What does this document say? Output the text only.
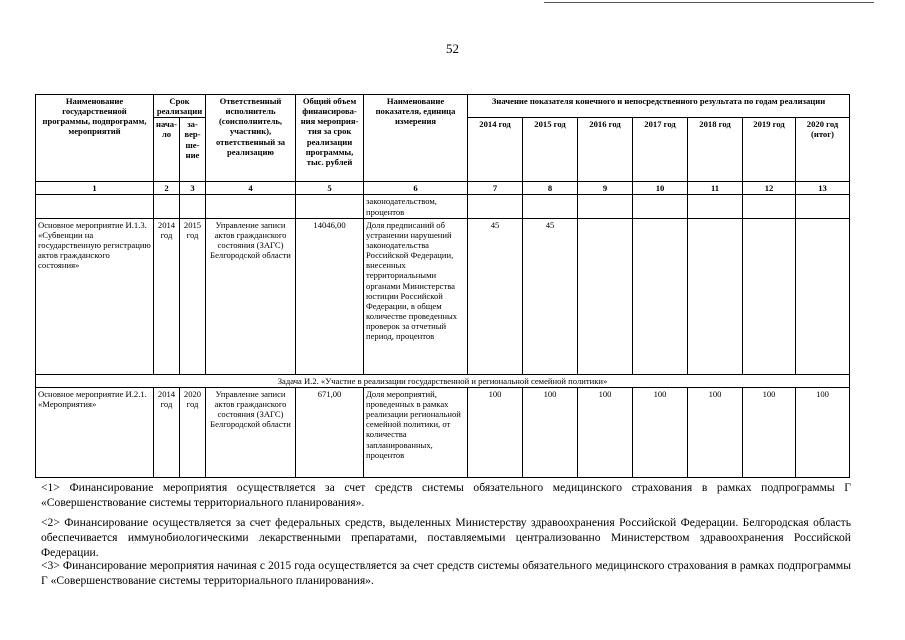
52
Наименование государственной программы, подпрограмм, мероприятий	Срок реализации		Ответственный исполнитель (соисполнитель, участник), ответственный за реализацию	Общий объем финансирова-ния мероприя-тия за срок реализации программы, тыс. рублей	Наименование показателя, единица измерения	Значение показателя конечного и непосредственного результата по годам реализации						
	нача-ло	за-вер-ше-ние				2014 год	2015 год	2016 год	2017 год	2018 год	2019 год	2020 год (итог)
1	2	3	4	5	6	7	8	9	10	11	12	13
					законодательством, процентов							
Основное мероприятие И.1.3. «Субвенции на государственную регистрацию актов гражданского состояния»	2014 год	2015 год	Управление записи актов гражданского состояния (ЗАГС) Белгородской области	14046,00	Доля предписаний об устранении нарушений законодательства Российской Федерации, внесенных территориальными органами Министерства юстиции Российской Федерации, в общем количестве проведенных проверок за отчетный период, процентов	45	45					
Задача И.2. «Участие в реализации государственной и региональной семейной политики»												
Основное мероприятие И.2.1. «Мероприятия»	2014 год	2020 год	Управление записи актов гражданского состояния (ЗАГС) Белгородской области	671,00	Доля мероприятий, проведенных в рамках реализации региональной семейной политики, от количества запланированных, процентов	100	100	100	100	100	100	100
<1> Финансирование мероприятия осуществляется за счет средств системы обязательного медицинского страхования в рамках подпрограммы Г «Совершенствование системы территориального планирования».
<2> Финансирование осуществляется за счет федеральных средств, выделенных Министерству здравоохранения Российской Федерации. Белгородская область обеспечивается иммунобиологическими лекарственными препаратами, поставляемыми централизованно Министерством здравоохранения Российской Федерации.
<3> Финансирование мероприятия начиная с 2015 года осуществляется за счет средств системы обязательного медицинского страхования в рамках подпрограммы Г «Совершенствование системы территориального планирования».
